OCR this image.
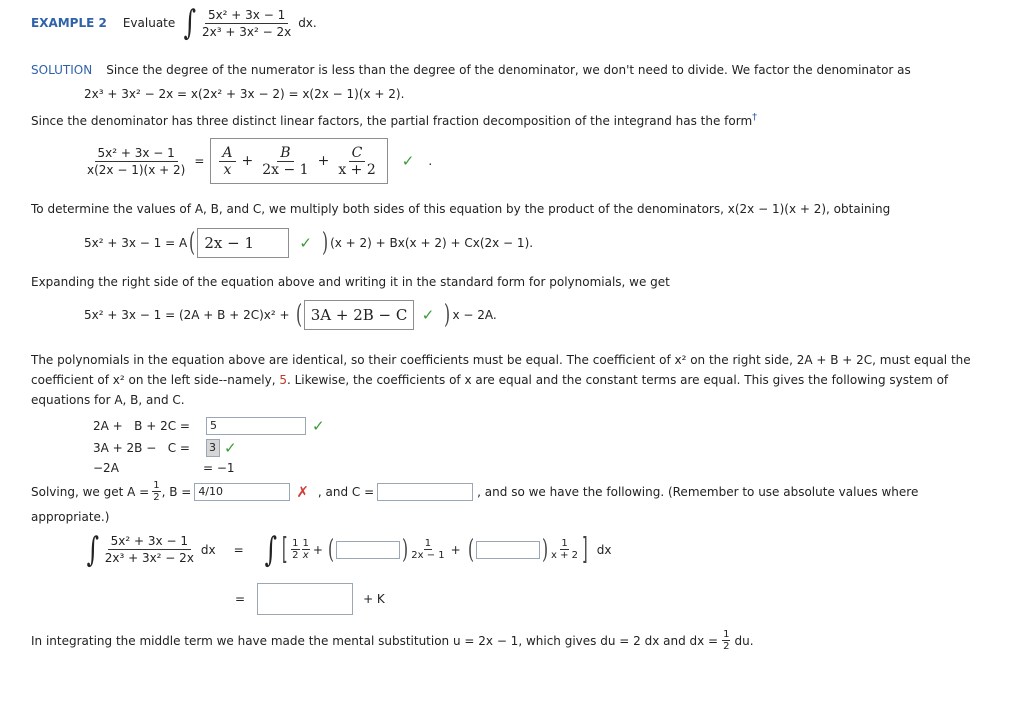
EXAMPLE 2 Evaluate ∫ $\frac{\text{5x² + 3x − 1}}{\text{2x³ + 3x² − 2x}}$ dx.
SOLUTION Since the degree of the numerator is less than the degree of the denominator, we don't need to divide. We factor the denominator as
2x³ + 3x² − 2x = x(2x² + 3x − 2) = x(2x − 1)(x + 2).
Since the denominator has three distinct linear factors, the partial fraction decomposition of the integrand has the form†
$\frac{\text{5x² + 3x − 1}}{x(2x - 1)(x + 2)} = \frac{A}{x} + \frac{B}{2x - 1} + \frac{C}{x + 2}$ ✓ .
To determine the values of A, B, and C, we multiply both sides of this equation by the product of the denominators, x(2x − 1)(x + 2), obtaining
5x² + 3x − 1 = A ( 2x − 1	✓ ) (x + 2) + Bx(x + 2) + Cx(2x − 1).
Expanding the right side of the equation above and writing it in the standard form for polynomials, we get
5x² + 3x − 1 = (2A + B + 2C)x² + ( 3A + 2B − C ✓ ) x − 2A.
The polynomials in the equation above are identical, so their coefficients must be equal. The coefficient of x² on the right side, 2A + B + 2C, must equal the
coefficient of x² on the left side--namely, 5. Likewise, the coefficients of x are equal and the constant terms are equal. This gives the following system of
equations for A, B, and C.
2A +   B + 2C =	5	✓
3A + 2B −   C =	3 ✓
−2A	= −1
Solving, we get $A = \frac{1}{2}$ , B = 4/10	✗ , and C =	, and so we have the following. (Remember to use absolute values where
appropriate.)
∫ $\frac{\text{5x² + 3x − 1}}{\text{2x³ + 3x² − 2x}}$ dx = ∫ [ $\frac{1}{2} \frac{1}{x}$ + (	) $\frac{1}{2x - 1}$ + (	) $\frac{1}{x + 2}$ ] dx
=	+ K
In integrating the middle term we have made the mental substitution u = 2x − 1, which gives du = 2 dx and dx = $\frac{1}{2}$ du.
